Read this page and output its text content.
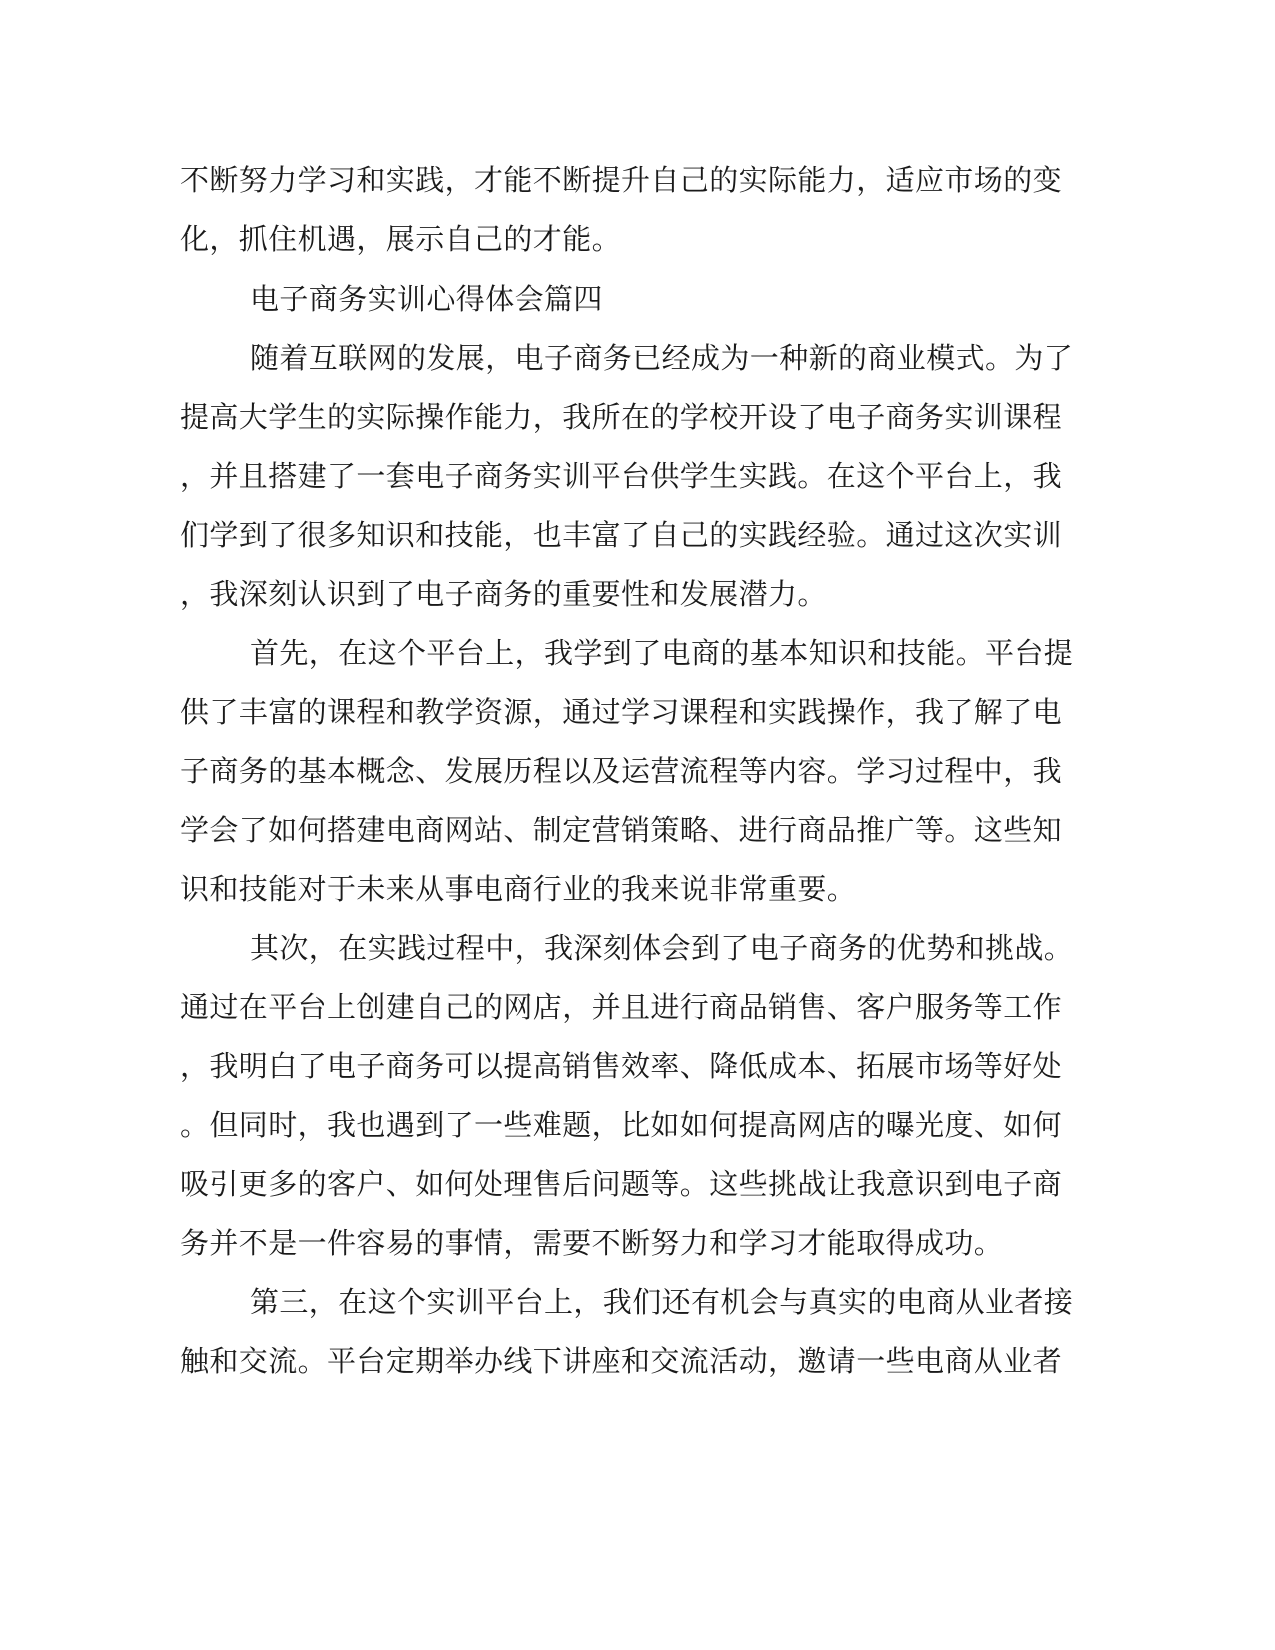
不断努力学习和实践，才能不断提升自己的实际能力，适应市场的变

化，抓住机遇，展示自己的才能。

电子商务实训心得体会篇四

随着互联网的发展，电子商务已经成为一种新的商业模式。为了

提高大学生的实际操作能力，我所在的学校开设了电子商务实训课程

，并且搭建了一套电子商务实训平台供学生实践。在这个平台上，我

们学到了很多知识和技能，也丰富了自己的实践经验。通过这次实训

，我深刻认识到了电子商务的重要性和发展潜力。

首先，在这个平台上，我学到了电商的基本知识和技能。平台提

供了丰富的课程和教学资源，通过学习课程和实践操作，我了解了电

子商务的基本概念、发展历程以及运营流程等内容。学习过程中，我

学会了如何搭建电商网站、制定营销策略、进行商品推广等。这些知

识和技能对于未来从事电商行业的我来说非常重要。

其次，在实践过程中，我深刻体会到了电子商务的优势和挑战。

通过在平台上创建自己的网店，并且进行商品销售、客户服务等工作

，我明白了电子商务可以提高销售效率、降低成本、拓展市场等好处

。但同时，我也遇到了一些难题，比如如何提高网店的曝光度、如何

吸引更多的客户、如何处理售后问题等。这些挑战让我意识到电子商

务并不是一件容易的事情，需要不断努力和学习才能取得成功。

第三，在这个实训平台上，我们还有机会与真实的电商从业者接

触和交流。平台定期举办线下讲座和交流活动，邀请一些电商从业者
